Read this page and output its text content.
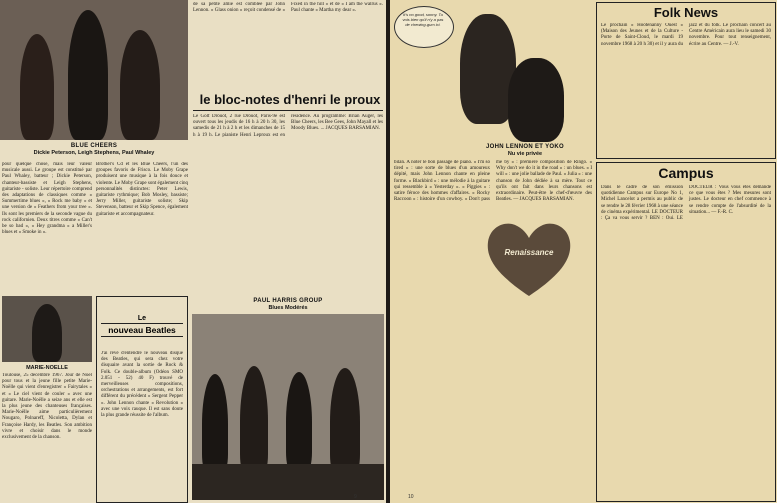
BLUE CHEERS
Dickie Peterson, Leigh Stephens, Paul Whaley
de sa petite amie est comblée par John Lennon. « Glass onion » reçoit condensé de « Fixed in the hill » et de « I am the walrus ». Paul chante « Martha my dear ».
le bloc-notes d'henri le proux
Le Golf Drouot, 2 rue Drouot, Paris-9e est ouvert tous les jeudis de 16 h à 20 h 30, les samedis de 21 h à 2 h et les dimanches de 15 h à 19 h. Le pianiste Henri Leproux est en résidence. Au programme: Brian Auger, les Blue Cheers, les Bee Gees, John Mayall et les Moody Blues. ... JACQUES BARSAMIAN.
pour quelque chose, mais leur valeur musicale aussi. Le groupe est constitué par Paul Whaley, batteur ; Dickie Peterson, chanteur-bassiste et Leigh Stephens, guitariste - soliste. Leur répertoire comprend des adaptations de classiques comme « Summertime blues », « Rock me baby » et une version de « Feathers from your tree ». Ils sont les premiers de la seconde vague du rock californien. Deux titres comme « Can't be so bad », « Hey grandma » a Miller's blues et « Smoke in ».
Brother's Cd et les Blue Cheers, l'un des groupes favoris de Frisco. Le Moby Grape produisent une musique à la fois douce et violente. Le Moby Grape sont également cinq personnalités distinctes: Peter Lewis, guitariste rythmique; Bob Mosley, bassiste; Jerry Miller, guitariste soliste; Skip Stevenson, batteur et Skip Spence, également guitariste et accompagnateur.
Le
nouveau Beatles
J'ai rêvé d'entendre le nouveau disque des Beatles, qui sera chez votre disquaire avant la sortie de Rock & Folk. Ce double-album (Odéon SMO 2.051 - 52) 40 F) trouvé de merveilleuses compositions, orchestrations et arrangements, est fort différent du précédent « Sergent Pepper ». John Lennon chante « Revolution » avec une voix rauque. Il est sans doute la plus grande réussite de l'album.
MARIE-NOELLE
Toulouse, 25 décembre 1967. Jour de Noël pour tous et la jeune fille petite Marie-Noëlle qui vient d'enregistrer « Fairytales » et « Le ciel vient de couler » avec une guitare. Marie-Noëlle a seize ans et elle est la plus jeune des chanteuses françaises. Marie-Noëlle aime particulièrement Nougaro, Polnareff, Nicoletta, Dylan et Françoise Hardy, les Beatles. Son ambition vivre et choisir dans le monde exclusivement de la chanson.
PAUL HARRIS GROUP
Blues Modérés
9
It's no good, sonny. Tu vois bien qu'il n'y a pas de chewing-gum ici.
JOHN LENNON ET YOKO
Nu vie privée
bilan. A noter le bon passage de piano. « I'm so tired » : une sorte de blues d'un amoureux dépité, mais John Lennon chante en pleine forme. « Blackbird » : une mélodie à la guitare qui ressemble à « Yesterday ». « Piggies » : satire féroce des hommes d'affaires. « Rocky Raccoon » : histoire d'un cowboy. « Don't pass me by » : première composition de Ringo. « Why don't we do it in the road » : un blues. « I will » : une jolie ballade de Paul. « Julia » : une chanson de John dédiée à sa mère. Tout ce qu'ils ont fait dans leurs chansons est extraordinaire. Peut-être le chef-d'œuvre des Beatles. — JACQUES BARSAMIAN.
Renaissance
Folk News
Le prochain « Hootenanny Ouest » (Maison des Jeunes et de la Culture - Porte de Saint-Cloud, le mardi 19 novembre 1968 à 20 h 30) et il y aura du jazz et du folk. Le prochain concert au Centre Américain aura lieu le samedi 30 novembre. Pour tout renseignement, écrire au Centre. — J.-V.
Campus
Dans le cadre de son émission quotidienne Campus sur Europe No 1, Michel Lancelot a permis au public de se rendre le 28 février 1968 à une séance de cinéma expérimental. LE DOCTEUR : Ça va vous servir ? BEN : Oui. LE DOCTEUR : Vous vous êtes demandé ce que vous êtes ? Mes mesures sont justes. Le docteur en chef commence à se rendre compte de l'absurdité de la situation... — F.-R. C.
10
